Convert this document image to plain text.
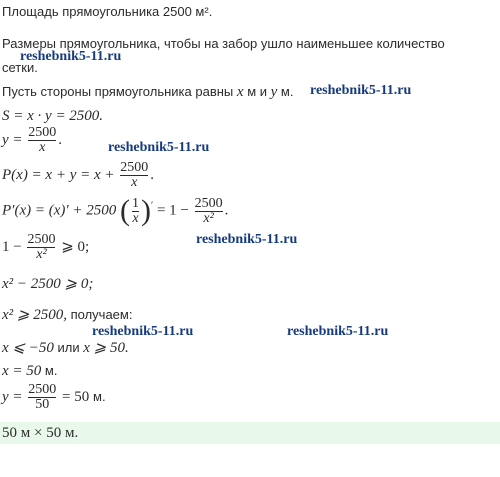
Площадь прямоугольника 2500 м².
Размеры прямоугольника, чтобы на забор ушло наименьшее количество
сетки.
Пусть стороны прямоугольника равны x м и y м.
S = x · y = 2500.
$y = \frac{2500}{x}$ .
$P(x) = x + y = x + \frac{2500}{x}$ .
P′(x) = (x)′ + 2500 ( $\frac{1}{x} )' = 1 - \frac{2500}{\text{x²}}$ .
$1 - \frac{2500}{\text{x²}}$ ⩾ 0;
x² − 2500 ⩾ 0;
x² ⩾ 2500, получаем:
x ⩽ −50 или x ⩾ 50.
x = 50 м.
$y = \frac{2500}{50} = 50$ м.
50 м × 50 м.
reshebnik5-11.ru
reshebnik5-11.ru
reshebnik5-11.ru
reshebnik5-11.ru
reshebnik5-11.ru	reshebnik5-11.ru
